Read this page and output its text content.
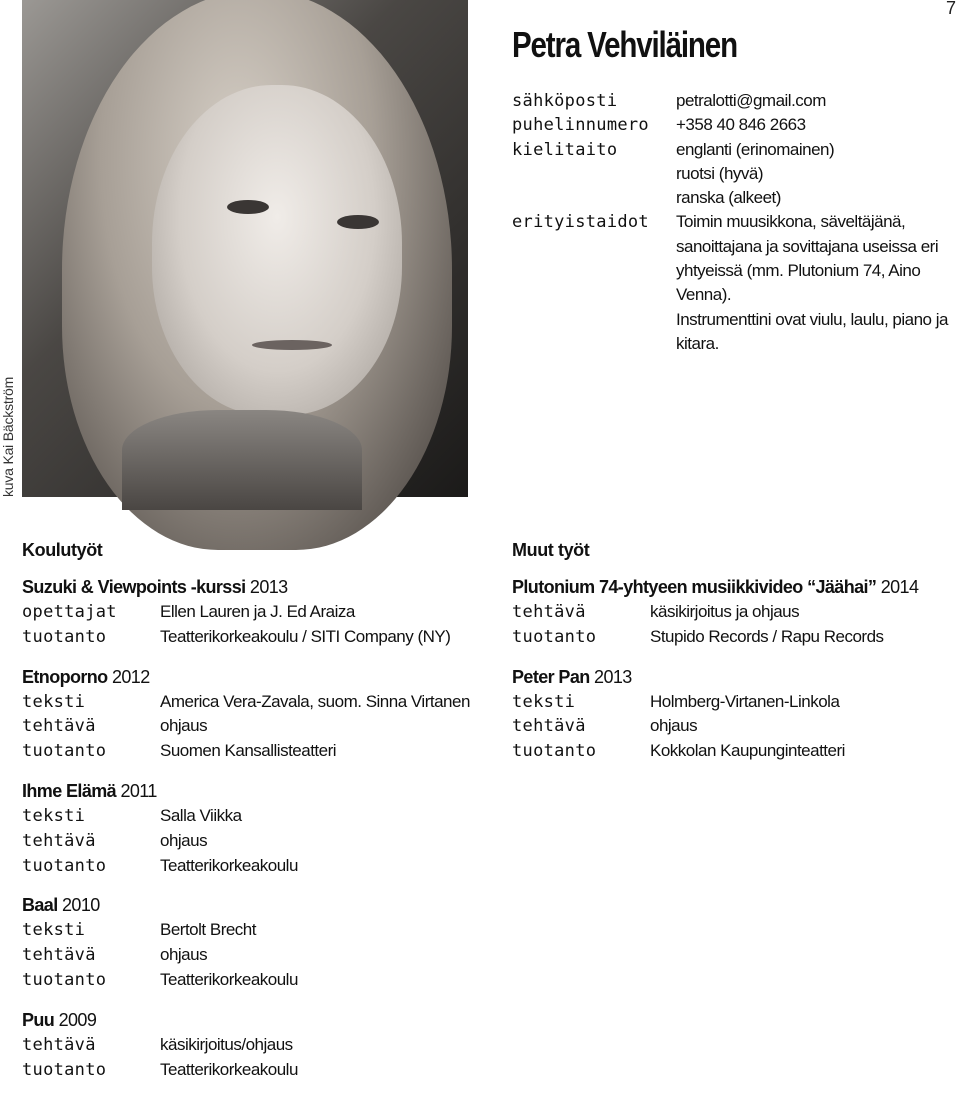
7
kuva Kai Bäckström
Petra Vehviläinen
sähköposti	petralotti@gmail.com
puhelinnumero	+358 40 846 2663
kielitaito	englanti (erinomainen)
ruotsi (hyvä)
ranska (alkeet)
erityistaidot	Toimin muusikkona, säveltäjänä,
sanoittajana ja sovittajana useissa eri
yhtyeissä (mm. Plutonium 74, Aino Venna).
Instrumenttini ovat viulu, laulu, piano ja
kitara.
Koulutyöt
Suzuki & Viewpoints -kurssi 2013
opettajat	Ellen Lauren ja J. Ed Araiza
tuotanto	Teatterikorkeakoulu / SITI Company (NY)
Etnoporno 2012
teksti	America Vera-Zavala, suom. Sinna Virtanen
tehtävä	ohjaus
tuotanto	Suomen Kansallisteatteri
Ihme Elämä 2011
teksti	Salla Viikka
tehtävä	ohjaus
tuotanto	Teatterikorkeakoulu
Baal 2010
teksti	Bertolt Brecht
tehtävä	ohjaus
tuotanto	Teatterikorkeakoulu
Puu 2009
tehtävä	käsikirjoitus/ohjaus
tuotanto	Teatterikorkeakoulu
Muut työt
Plutonium 74-yhtyeen musiikkivideo “Jäähai” 2014
tehtävä	käsikirjoitus ja ohjaus
tuotanto	Stupido Records / Rapu Records
Peter Pan 2013
teksti	Holmberg-Virtanen-Linkola
tehtävä	ohjaus
tuotanto	Kokkolan Kaupunginteatteri
